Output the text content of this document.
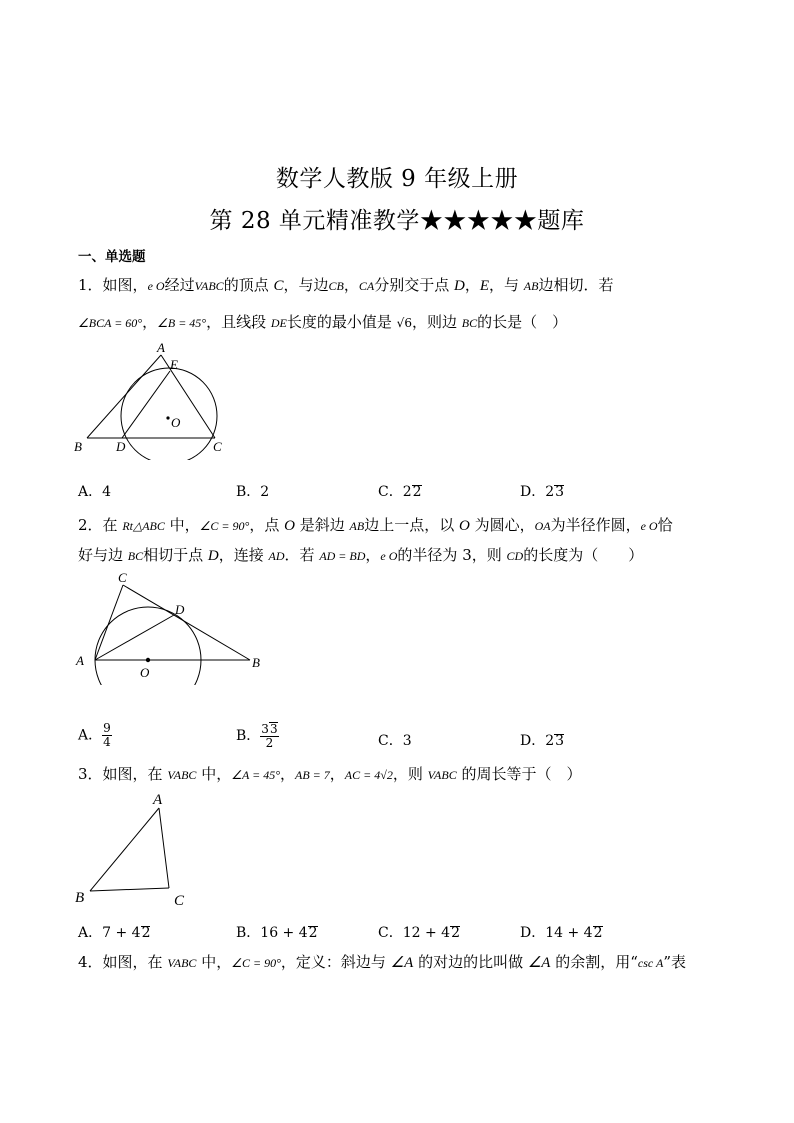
数学人教版 9 年级上册
第 28 单元精准教学★★★★★题库
一、单选题
1．如图，e O经过VABC的顶点 C，与边CB，CA分别交于点 D，E，与 AB边相切．若
∠BCA = 60°，∠B = 45°，且线段 DE长度的最小值是 √6，则边 BC的长是（　）
A
E
B	D	C
O
A．4	B．2	C．22	D．23
2．在 Rt△ABC 中，∠C = 90°，点 O 是斜边 AB边上一点，以 O 为圆心，OA为半径作圆，e O恰
好与边 BC相切于点 D，连接 AD．若 AD = BD，e O的半径为 3，则 CD的长度为（　　）
C
D
A	B
O
A． $\frac{9}{4}$	B． $\frac{33}{2}$	C．3	D．23
3．如图，在 VABC 中，∠A = 45°，AB = 7，AC = 4√2，则 VABC 的周长等于（　）
A
B	C
A．7 + 42	B．16 + 42	C．12 + 42	D．14 + 42
4．如图，在 VABC 中，∠C = 90°，定义：斜边与 ∠A 的对边的比叫做 ∠A 的余割，用“csc A”表
